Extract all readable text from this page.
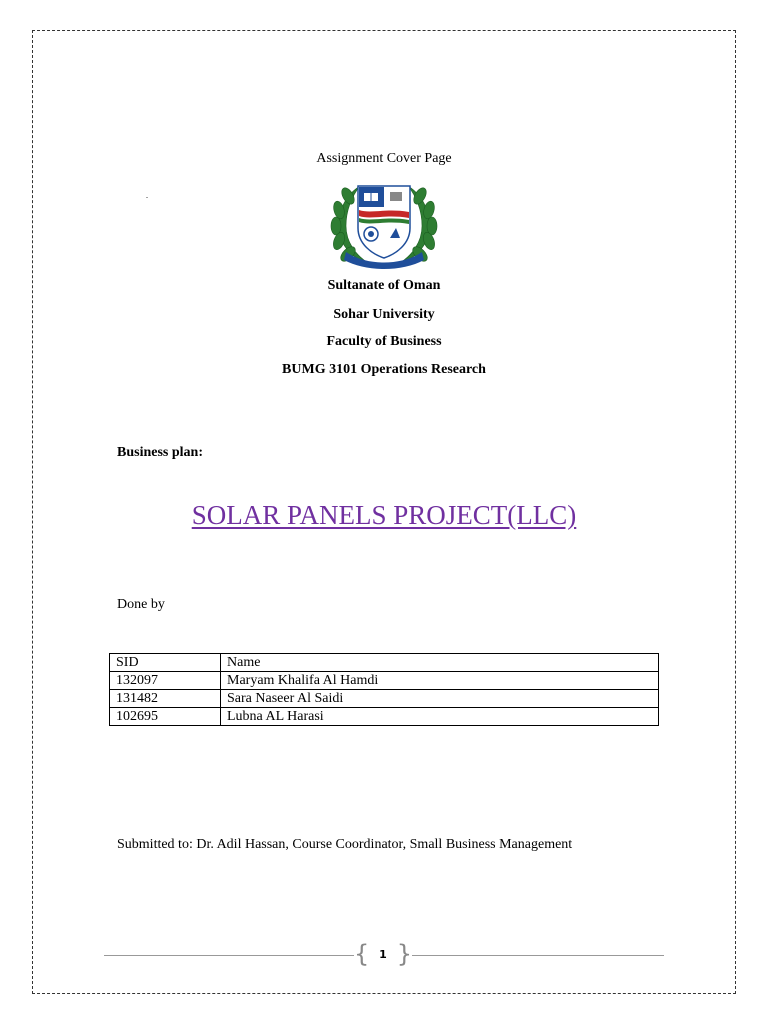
Assignment Cover Page
.
Sultanate of Oman
Sohar University
Faculty of Business
BUMG 3101 Operations Research
Business plan:
SOLAR PANELS PROJECT(LLC)
Done by
SID	Name
132097	Maryam Khalifa Al Hamdi
131482	Sara Naseer Al Saidi
102695	Lubna AL Harasi
Submitted to: Dr. Adil Hassan, Course Coordinator, Small Business Management
{ 1 }
